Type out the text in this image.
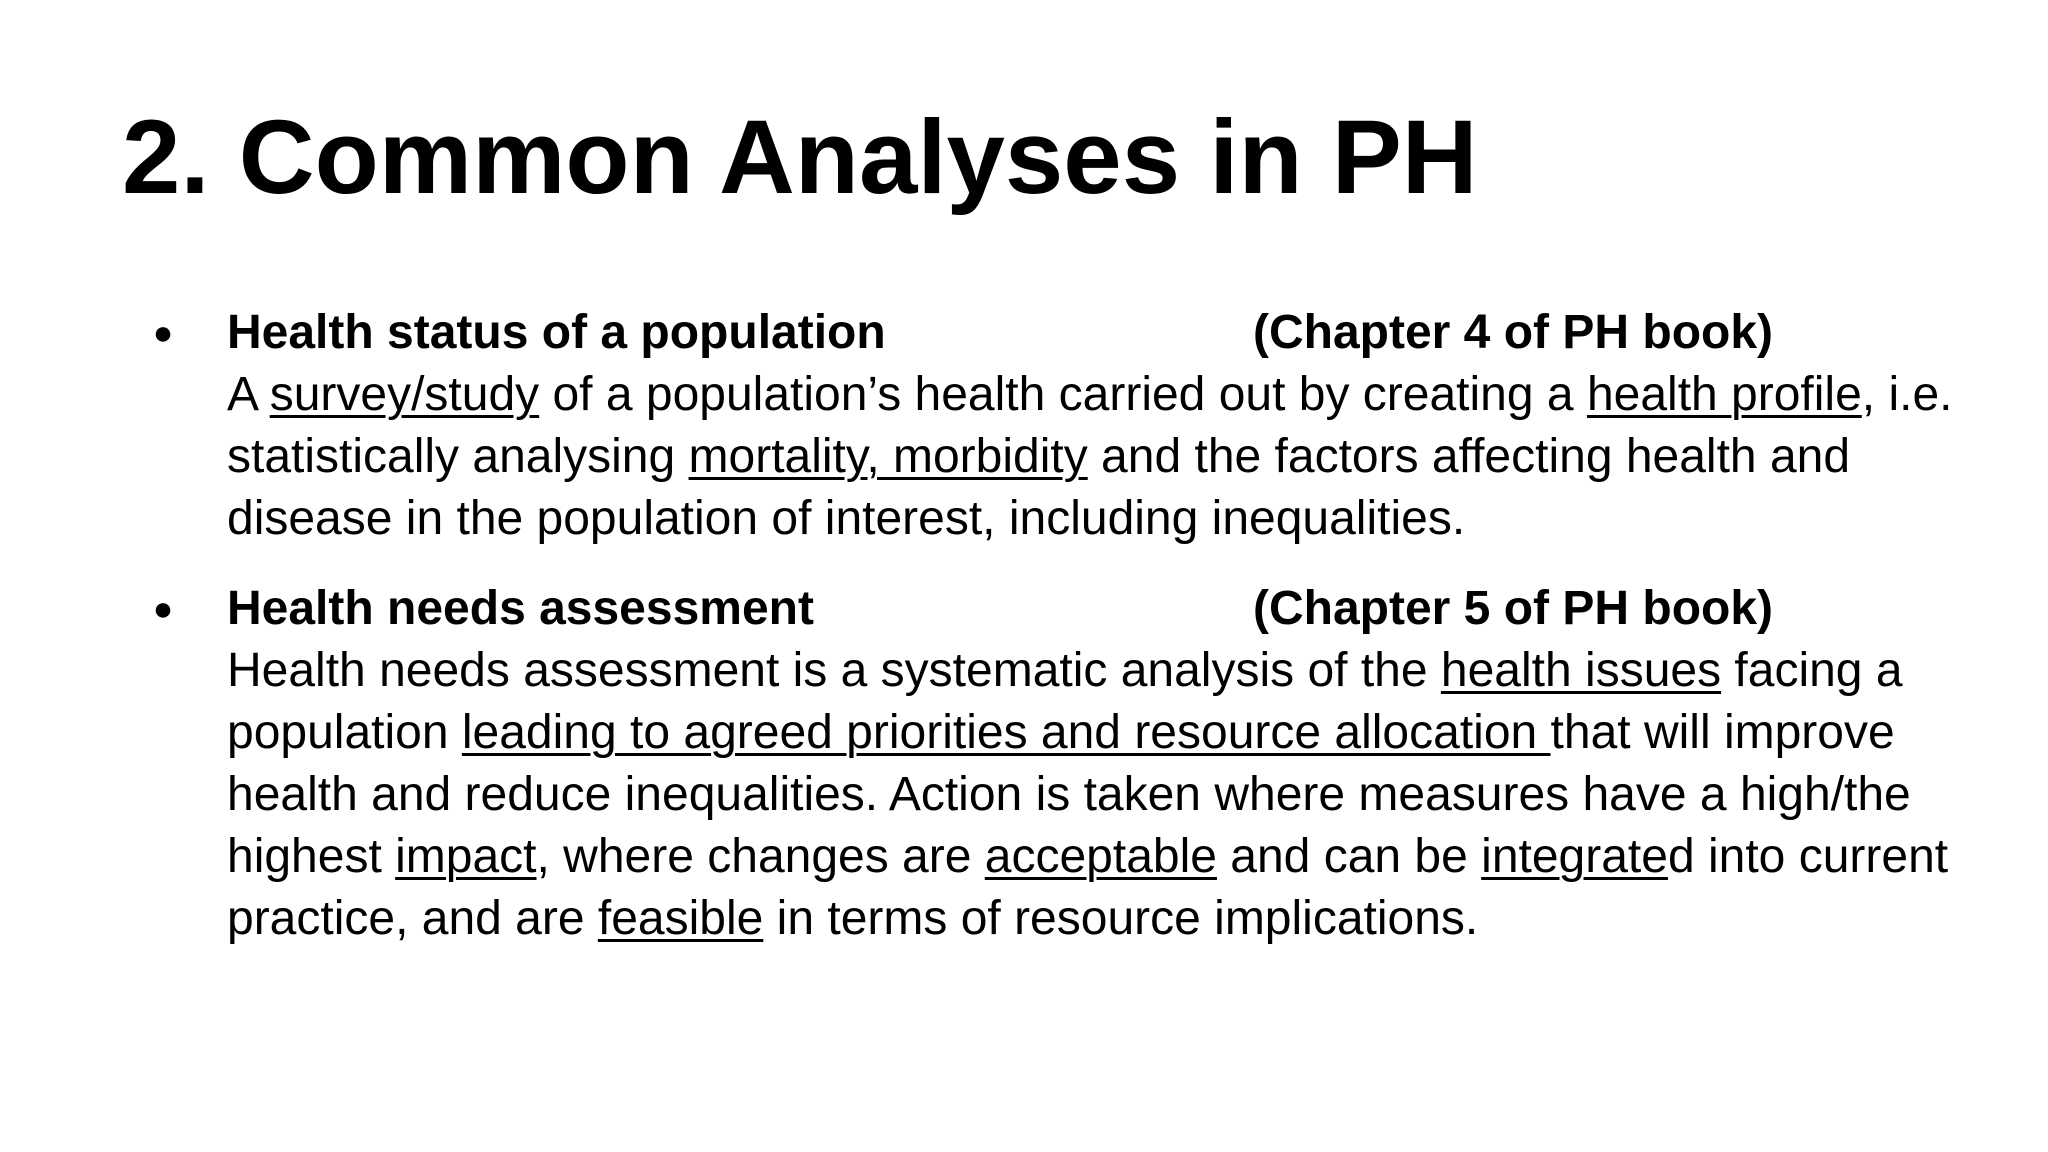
2. Common Analyses in PH
● Health status of a population	(Chapter 4 of PH book)

A survey/study of a population’s health carried out by creating a health profile, i.e. statistically analysing mortality, morbidity and the factors affecting health and disease in the population of interest, including inequalities.

● Health needs assessment	(Chapter 5 of PH book)

Health needs assessment is a systematic analysis of the health issues facing a population leading to agreed priorities and resource allocation that will improve health and reduce inequalities. Action is taken where measures have a high/the highest impact, where changes are acceptable and can be integrated into current practice, and are feasible in terms of resource implications.
